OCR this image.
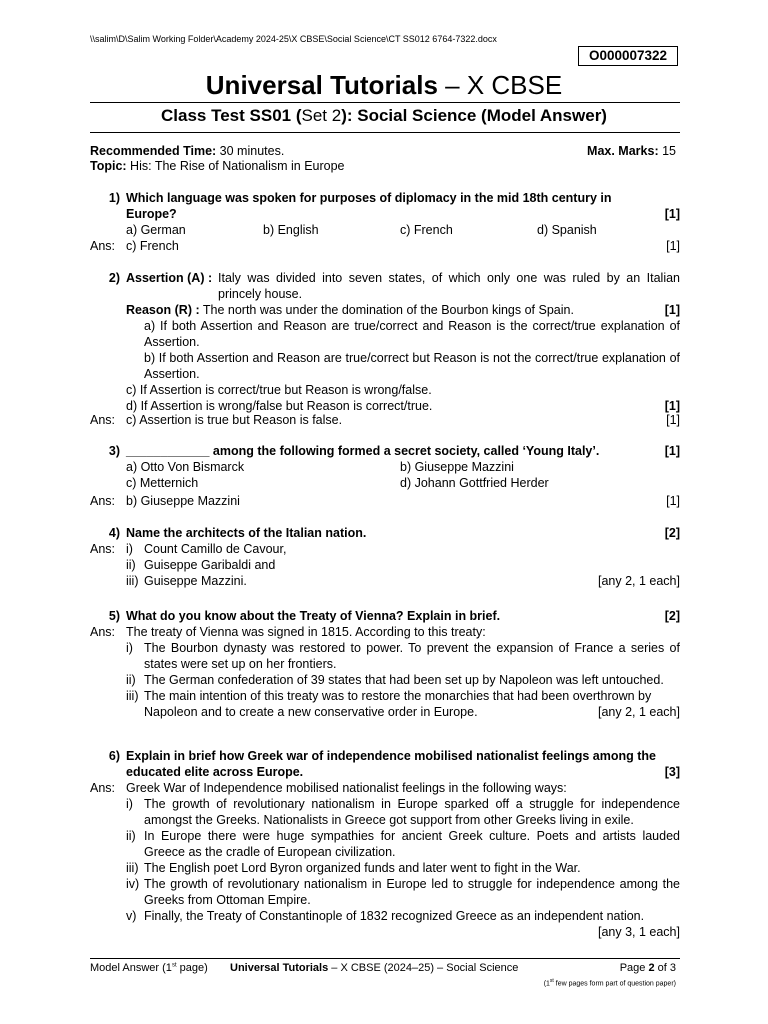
\\salim\D\Salim Working Folder\Academy 2024-25\X CBSE\Social Science\CT SS012 6764-7322.docx
O000007322
Universal Tutorials – X CBSE
Class Test SS01 (Set 2): Social Science (Model Answer)
Recommended Time: 30 minutes.	Max. Marks: 15
Topic: His: The Rise of Nationalism in Europe
1) Which language was spoken for purposes of diplomacy in the mid 18th century in
Europe?	[1]
a) German	b) English	c) French	d) Spanish
Ans: c) French	[1]
2) Assertion (A) : Italy was divided into seven states, of which only one was ruled by an Italian princely house.
Reason (R) : The north was under the domination of the Bourbon kings of Spain.	[1]
a) If both Assertion and Reason are true/correct and Reason is the correct/true explanation of Assertion.
b) If both Assertion and Reason are true/correct but Reason is not the correct/true explanation of Assertion.
c) If Assertion is correct/true but Reason is wrong/false.
d) If Assertion is wrong/false but Reason is correct/true.	[1]
Ans: c) Assertion is true but Reason is false.	[1]
3) ____________ among the following formed a secret society, called ‘Young Italy’.	[1]
a) Otto Von Bismarck	b) Giuseppe Mazzini
c) Metternich	d) Johann Gottfried Herder
Ans: b) Giuseppe Mazzini	[1]
4) Name the architects of the Italian nation.	[2]
i) Count Camillo de Cavour,
ii) Guiseppe Garibaldi and
iii) Guiseppe Mazzini.	[any 2, 1 each]
Ans:
5) What do you know about the Treaty of Vienna? Explain in brief.	[2]
The treaty of Vienna was signed in 1815. According to this treaty:
i) The Bourbon dynasty was restored to power. To prevent the expansion of France a series of states were set up on her frontiers.
ii) The German confederation of 39 states that had been set up by Napoleon was left untouched.
iii) The main intention of this treaty was to restore the monarchies that had been overthrown by Napoleon and to create a new conservative order in Europe.	[any 2, 1 each]
Ans:
6) Explain in brief how Greek war of independence mobilised nationalist feelings among the
educated elite across Europe.	[3]
Greek War of Independence mobilised nationalist feelings in the following ways:
i) The growth of revolutionary nationalism in Europe sparked off a struggle for independence amongst the Greeks. Nationalists in Greece got support from other Greeks living in exile.
ii) In Europe there were huge sympathies for ancient Greek culture. Poets and artists lauded Greece as the cradle of European civilization.
iii) The English poet Lord Byron organized funds and later went to fight in the War.
iv) The growth of revolutionary nationalism in Europe led to struggle for independence among the Greeks from Ottoman Empire.
v) Finally, the Treaty of Constantinople of 1832 recognized Greece as an independent nation.
[any 3, 1 each]
Ans:
Model Answer (1st page) Universal Tutorials – X CBSE (2024–25) – Social Science	Page 2 of 3
(1st few pages form part of question paper)
